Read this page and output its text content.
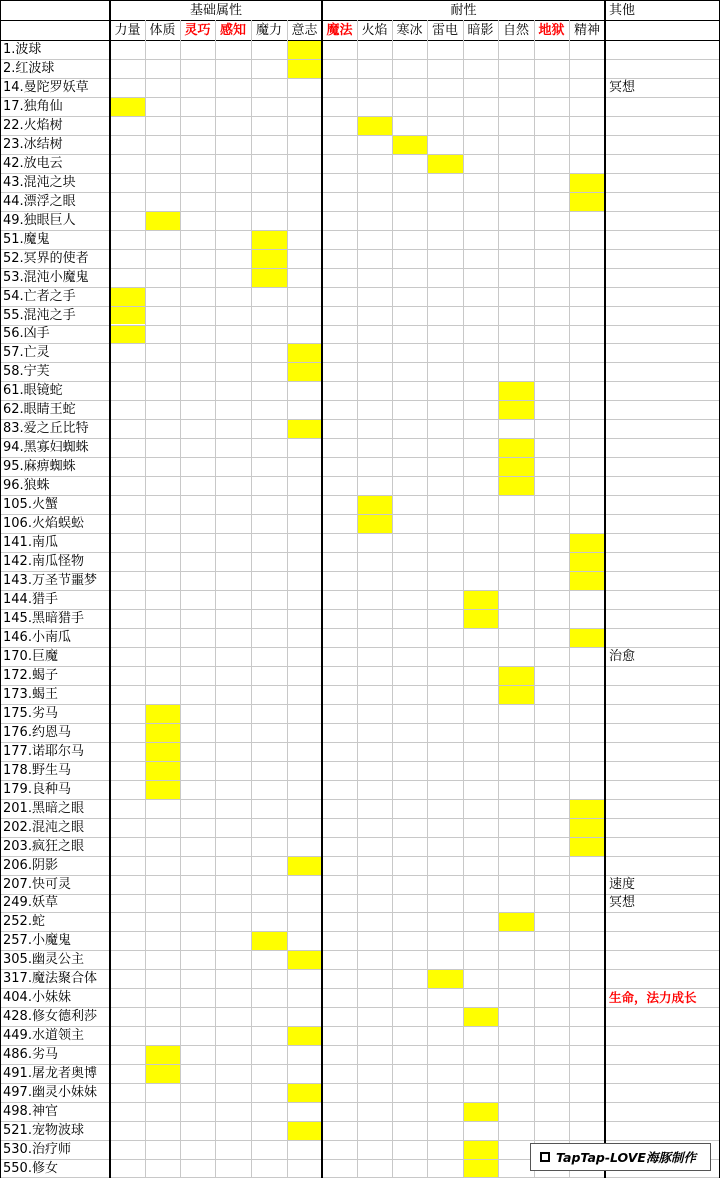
基础属性	耐性	其他
力量 体质 灵巧 感知 魔力 意志 魔法 火焰 寒冰 雷电 暗影 自然 地狱 精神
1.波球
2.红波球
14.曼陀罗妖草	冥想
17.独角仙
22.火焰树
23.冰结树
42.放电云
43.混沌之块
44.漂浮之眼
49.独眼巨人
51.魔鬼
52.冥界的使者
53.混沌小魔鬼
54.亡者之手
55.混沌之手
56.凶手
57.亡灵
58.宁芙
61.眼镜蛇
62.眼睛王蛇
83.爱之丘比特
94.黑寡妇蜘蛛
95.麻痹蜘蛛
96.狼蛛
105.火蟹
106.火焰蜈蚣
141.南瓜
142.南瓜怪物
143.万圣节噩梦
144.猎手
145.黑暗猎手
146.小南瓜
170.巨魔	治愈
172.蝎子
173.蝎王
175.劣马
176.约恩马
177.诺耶尔马
178.野生马
179.良种马
201.黑暗之眼
202.混沌之眼
203.疯狂之眼
206.阴影
207.快可灵	速度
249.妖草	冥想
252.蛇
257.小魔鬼
305.幽灵公主
317.魔法聚合体
404.小妹妹	生命，法力成长
428.修女德利莎
449.水道领主
486.劣马
491.屠龙者奥博
497.幽灵小妹妹
498.神官
521.宠物波球
530.治疗师
550.修女
TapTap-LOVE海豚制作
